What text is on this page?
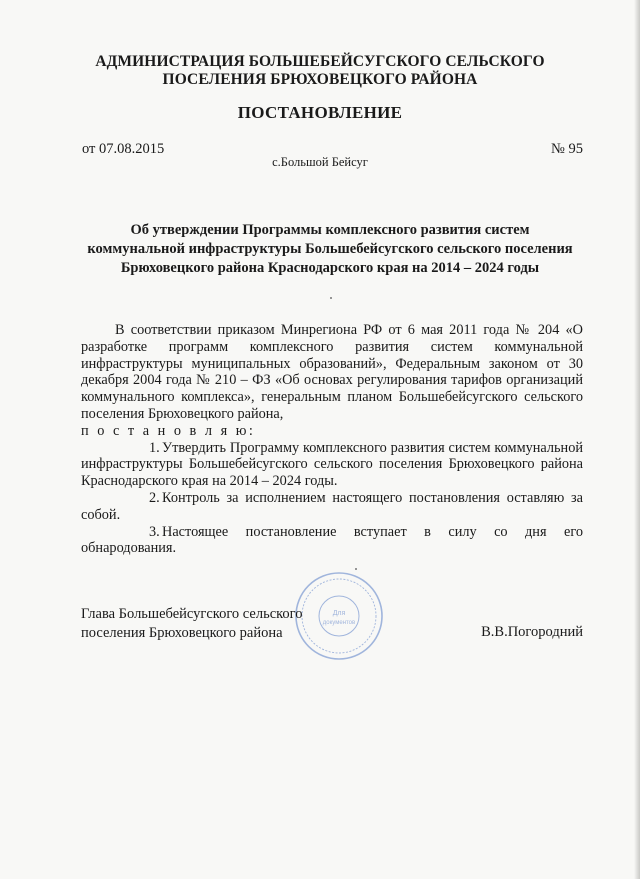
АДМИНИСТРАЦИЯ БОЛЬШЕБЕЙСУГСКОГО СЕЛЬСКОГО
ПОСЕЛЕНИЯ БРЮХОВЕЦКОГО РАЙОНА
ПОСТАНОВЛЕНИЕ
от 07.08.2015	№ 95
с.Большой Бейсуг
Об утверждении Программы комплексного развития систем
коммунальной инфраструктуры Большебейсугского сельского поселения
Брюховецкого района Краснодарского края на 2014 – 2024 годы

В соответствии приказом Минрегиона РФ от 6 мая 2011 года № 204 «О разработке программ комплексного развития систем коммунальной инфраструктуры муниципальных образований», Федеральным законом от 30 декабря 2004 года № 210 – ФЗ «Об основах регулирования тарифов организаций коммунального комплекса», генеральным планом Большебейсугского сельского поселения Брюховецкого района,
п о с т а н о в л я ю:

1. Утвердить Программу комплексного развития систем коммунальной инфраструктуры Большебейсугского сельского поселения Брюховецкого района Краснодарского края на 2014 – 2024 годы.

2. Контроль за исполнением настоящего постановления оставляю за собой.

3. Настоящее постановление вступает в силу со дня его обнародования.

Для
документов
Глава Большебейсугского сельского
поселения Брюховецкого района	В.В.Погородний
